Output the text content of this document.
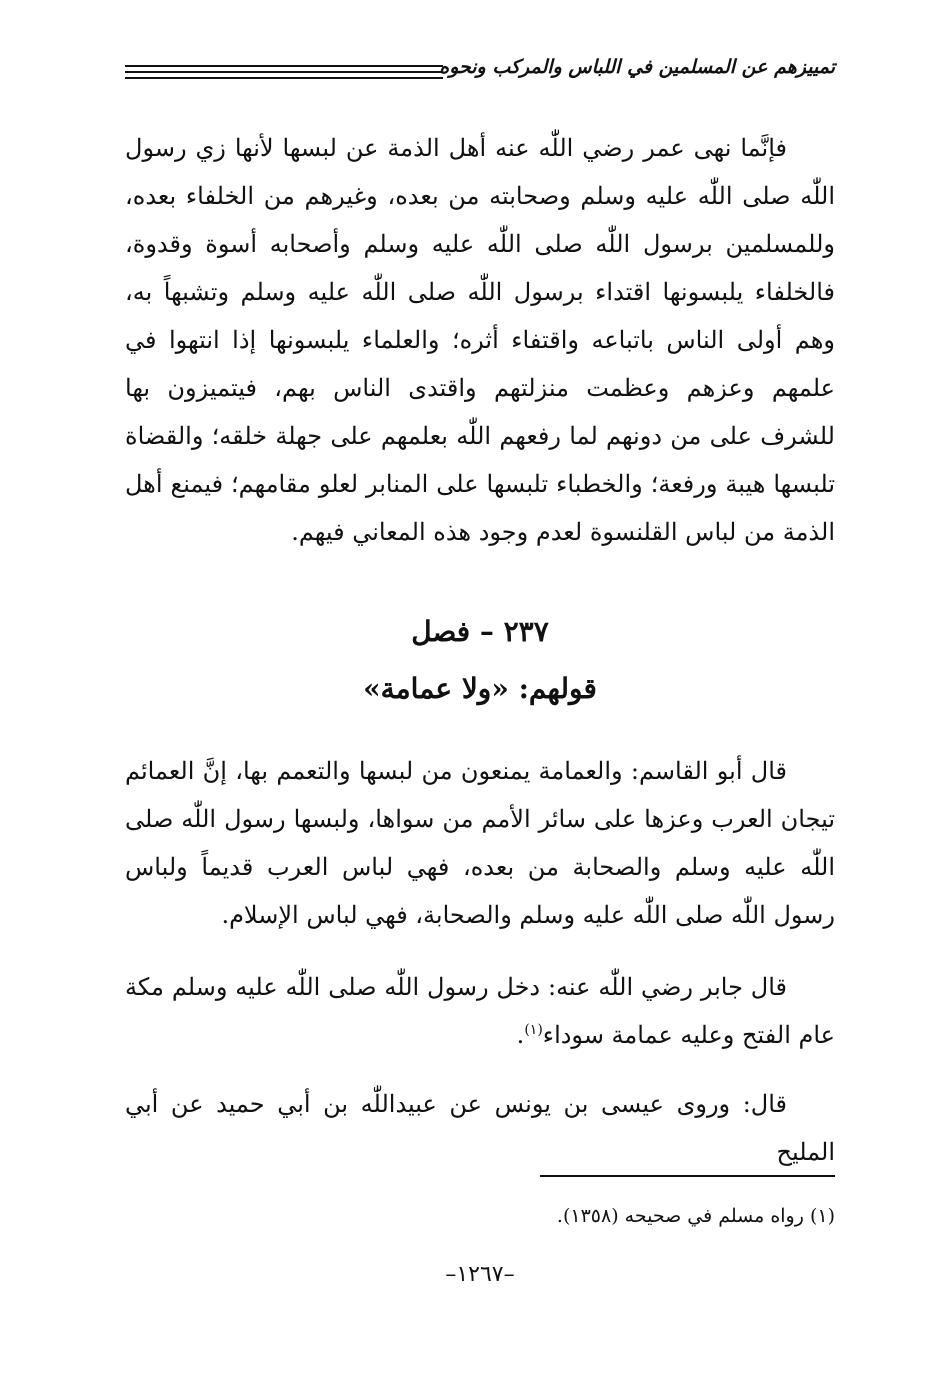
تمييزهم عن المسلمين في اللباس والمركب ونحوه

فإنَّما نهى عمر رضي اللّٰه عنه أهل الذمة عن لبسها لأنها زي رسول اللّٰه صلى اللّٰه عليه وسلم وصحابته من بعده، وغيرهم من الخلفاء بعده، وللمسلمين برسول اللّٰه صلى اللّٰه عليه وسلم وأصحابه أسوة وقدوة، فالخلفاء يلبسونها اقتداء برسول اللّٰه صلى اللّٰه عليه وسلم وتشبهاً به، وهم أولى الناس باتباعه واقتفاء أثره؛ والعلماء يلبسونها إذا انتهوا في علمهم وعزهم وعظمت منزلتهم واقتدى الناس بهم، فيتميزون بها للشرف على من دونهم لما رفعهم اللّٰه بعلمهم على جهلة خلقه؛ والقضاة تلبسها هيبة ورفعة؛ والخطباء تلبسها على المنابر لعلو مقامهم؛ فيمنع أهل الذمة من لباس القلنسوة لعدم وجود هذه المعاني فيهم.

٢٣٧ – فصل

قولهم: «ولا عمامة»

قال أبو القاسم: والعمامة يمنعون من لبسها والتعمم بها، إنَّ العمائم تيجان العرب وعزها على سائر الأمم من سواها، ولبسها رسول اللّٰه صلى اللّٰه عليه وسلم والصحابة من بعده، فهي لباس العرب قديماً ولباس رسول اللّٰه صلى اللّٰه عليه وسلم والصحابة، فهي لباس الإسلام.

قال جابر رضي اللّٰه عنه: دخل رسول اللّٰه صلى اللّٰه عليه وسلم مكة عام الفتح وعليه عمامة سوداء$^{(١)}$.

قال: وروى عيسى بن يونس عن عبيداللّٰه بن أبي حميد عن أبي المليح

(١) رواه مسلم في صحيحه (١٣٥٨).

–١٢٦٧–
